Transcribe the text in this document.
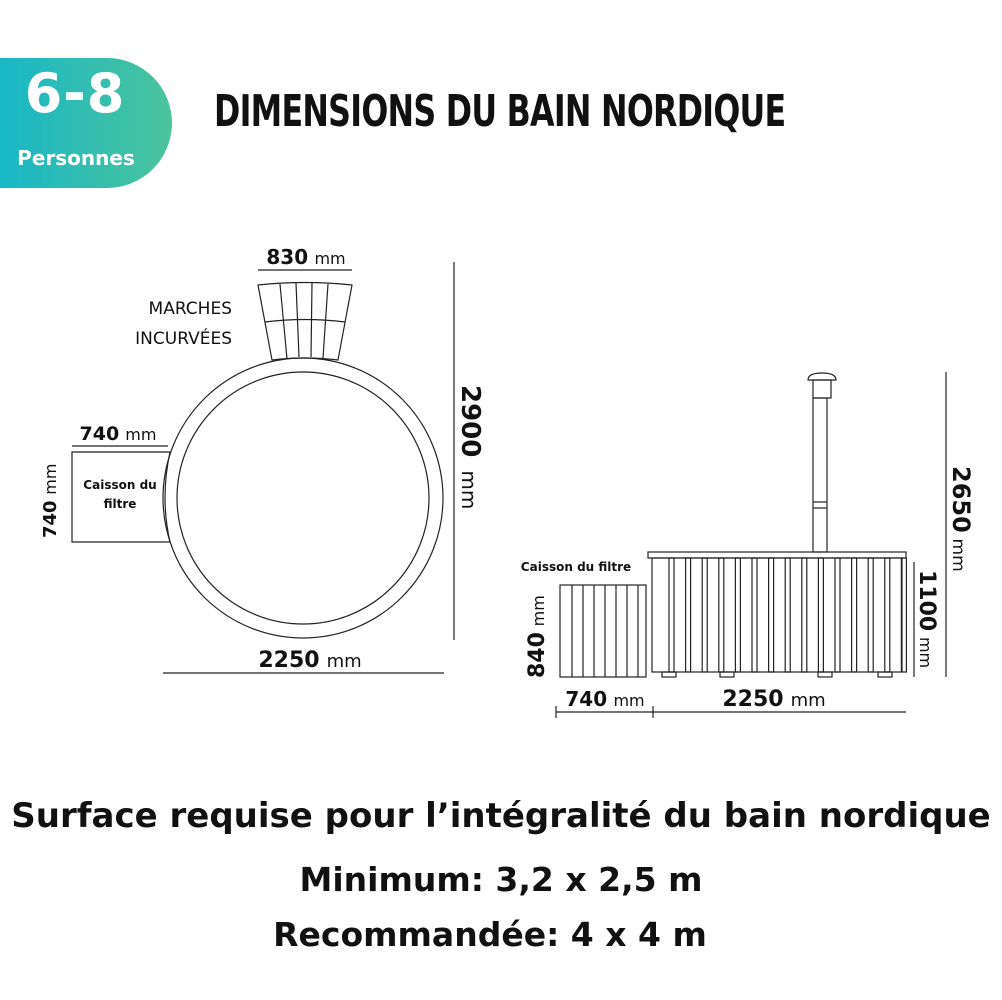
6-8
Personnes
DIMENSIONS DU BAIN NORDIQUE
830 mm
MARCHES
INCURVÉES
740 mm
740 mm Caisson du
filtre
2900 mm
2250 mm
Caisson du filtre
840 mm
740 mm	2250 mm
1100 mm
2650 mm
Surface requise pour l’intégralité du bain nordique
Minimum: 3,2 x 2,5 m
Recommandée: 4 x 4 m
